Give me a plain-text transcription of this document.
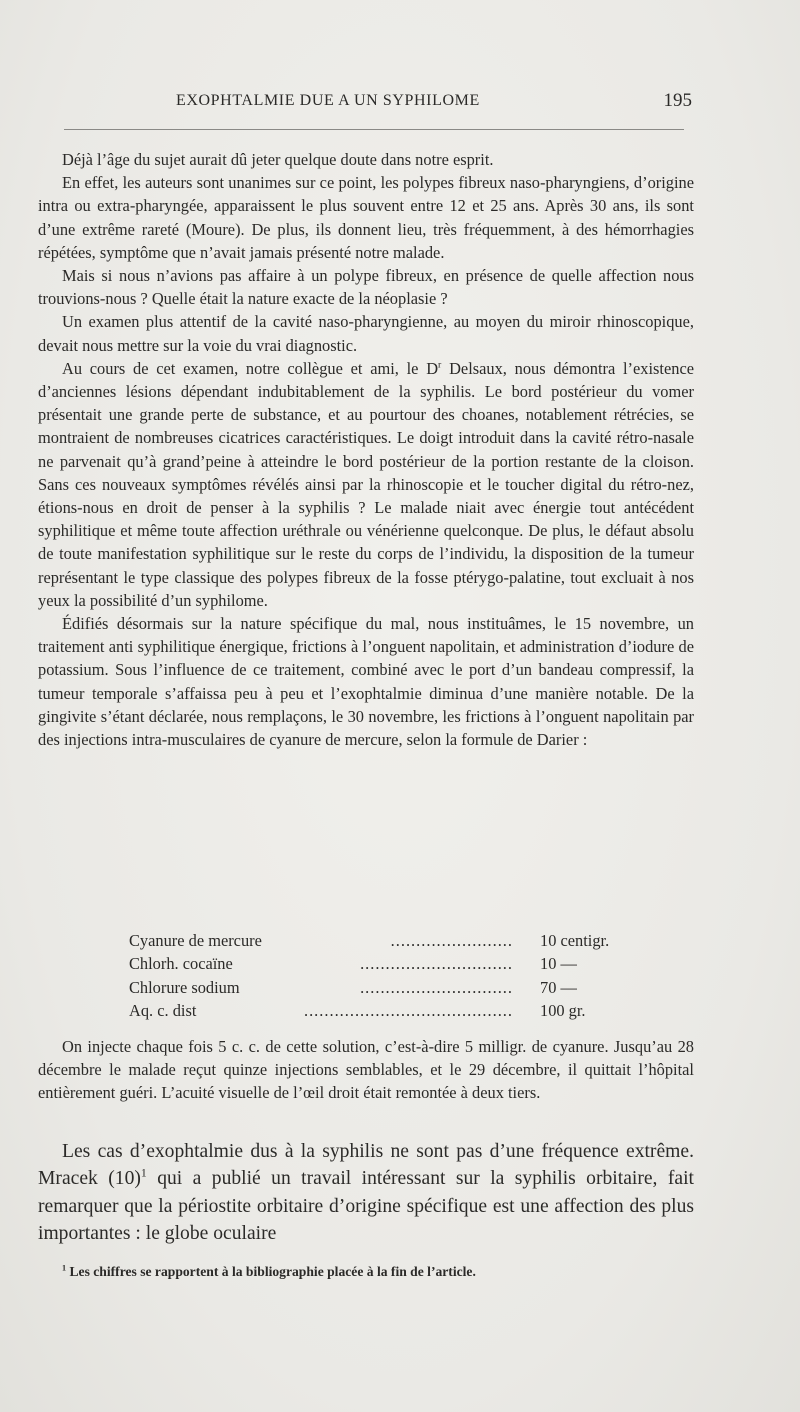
EXOPHTALMIE DUE A UN SYPHILOME	195

Déjà l’âge du sujet aurait dû jeter quelque doute dans notre esprit.

En effet, les auteurs sont unanimes sur ce point, les polypes fibreux naso-pharyngiens, d’origine intra ou extra-pharyngée, apparaissent le plus souvent entre 12 et 25 ans. Après 30 ans, ils sont d’une extrême rareté (Moure). De plus, ils donnent lieu, très fréquemment, à des hémorrhagies répétées, symptôme que n’avait jamais présenté notre malade.

Mais si nous n’avions pas affaire à un polype fibreux, en présence de quelle affection nous trouvions-nous ? Quelle était la nature exacte de la néoplasie ?

Un examen plus attentif de la cavité naso-pharyngienne, au moyen du miroir rhinoscopique, devait nous mettre sur la voie du vrai diagnostic.

Au cours de cet examen, notre collègue et ami, le $D^r$ Delsaux, nous démontra l’existence d’anciennes lésions dépendant indubitablement de la syphilis. Le bord postérieur du vomer présentait une grande perte de substance, et au pourtour des choanes, notablement rétrécies, se montraient de nombreuses cicatrices caractéristiques. Le doigt introduit dans la cavité rétro-nasale ne parvenait qu’à grand’peine à atteindre le bord postérieur de la portion restante de la cloison. Sans ces nouveaux symptômes révélés ainsi par la rhinoscopie et le toucher digital du rétro-nez, étions-nous en droit de penser à la syphilis ? Le malade niait avec énergie tout antécédent syphilitique et même toute affection uréthrale ou vénérienne quelconque. De plus, le défaut absolu de toute manifestation syphilitique sur le reste du corps de l’individu, la disposition de la tumeur représentant le type classique des polypes fibreux de la fosse ptérygo-palatine, tout excluait à nos yeux la possibilité d’un syphilome.

Édifiés désormais sur la nature spécifique du mal, nous instituâmes, le 15 novembre, un traitement anti syphilitique énergique, frictions à l’onguent napolitain, et administration d’iodure de potassium. Sous l’influence de ce traitement, combiné avec le port d’un bandeau compressif, la tumeur temporale s’affaissa peu à peu et l’exophtalmie diminua d’une manière notable. De la gingivite s’étant déclarée, nous remplaçons, le 30 novembre, les frictions à l’onguent napolitain par des injections intra-musculaires de cyanure de mercure, selon la formule de Darier :

Cyanure de mercure	........................ 10 centigr.
Chlorh. cocaïne	.............................. 10 —
Chlorure sodium	.............................. 70 —
Aq. c. dist	......................................... 100 gr.

On injecte chaque fois 5 c. c. de cette solution, c’est-à-dire 5 milligr. de cyanure. Jusqu’au 28 décembre le malade reçut quinze injections semblables, et le 29 décembre, il quittait l’hôpital entièrement guéri. L’acuité visuelle de l’œil droit était remontée à deux tiers.

Les cas d’exophtalmie dus à la syphilis ne sont pas d’une fréquence extrême. Mracek $(10)^1$ qui a publié un travail intéressant sur la syphilis orbitaire, fait remarquer que la périostite orbitaire d’origine spécifique est une affection des plus importantes : le globe oculaire

$^1$ Les chiffres se rapportent à la bibliographie placée à la fin de l’article.
